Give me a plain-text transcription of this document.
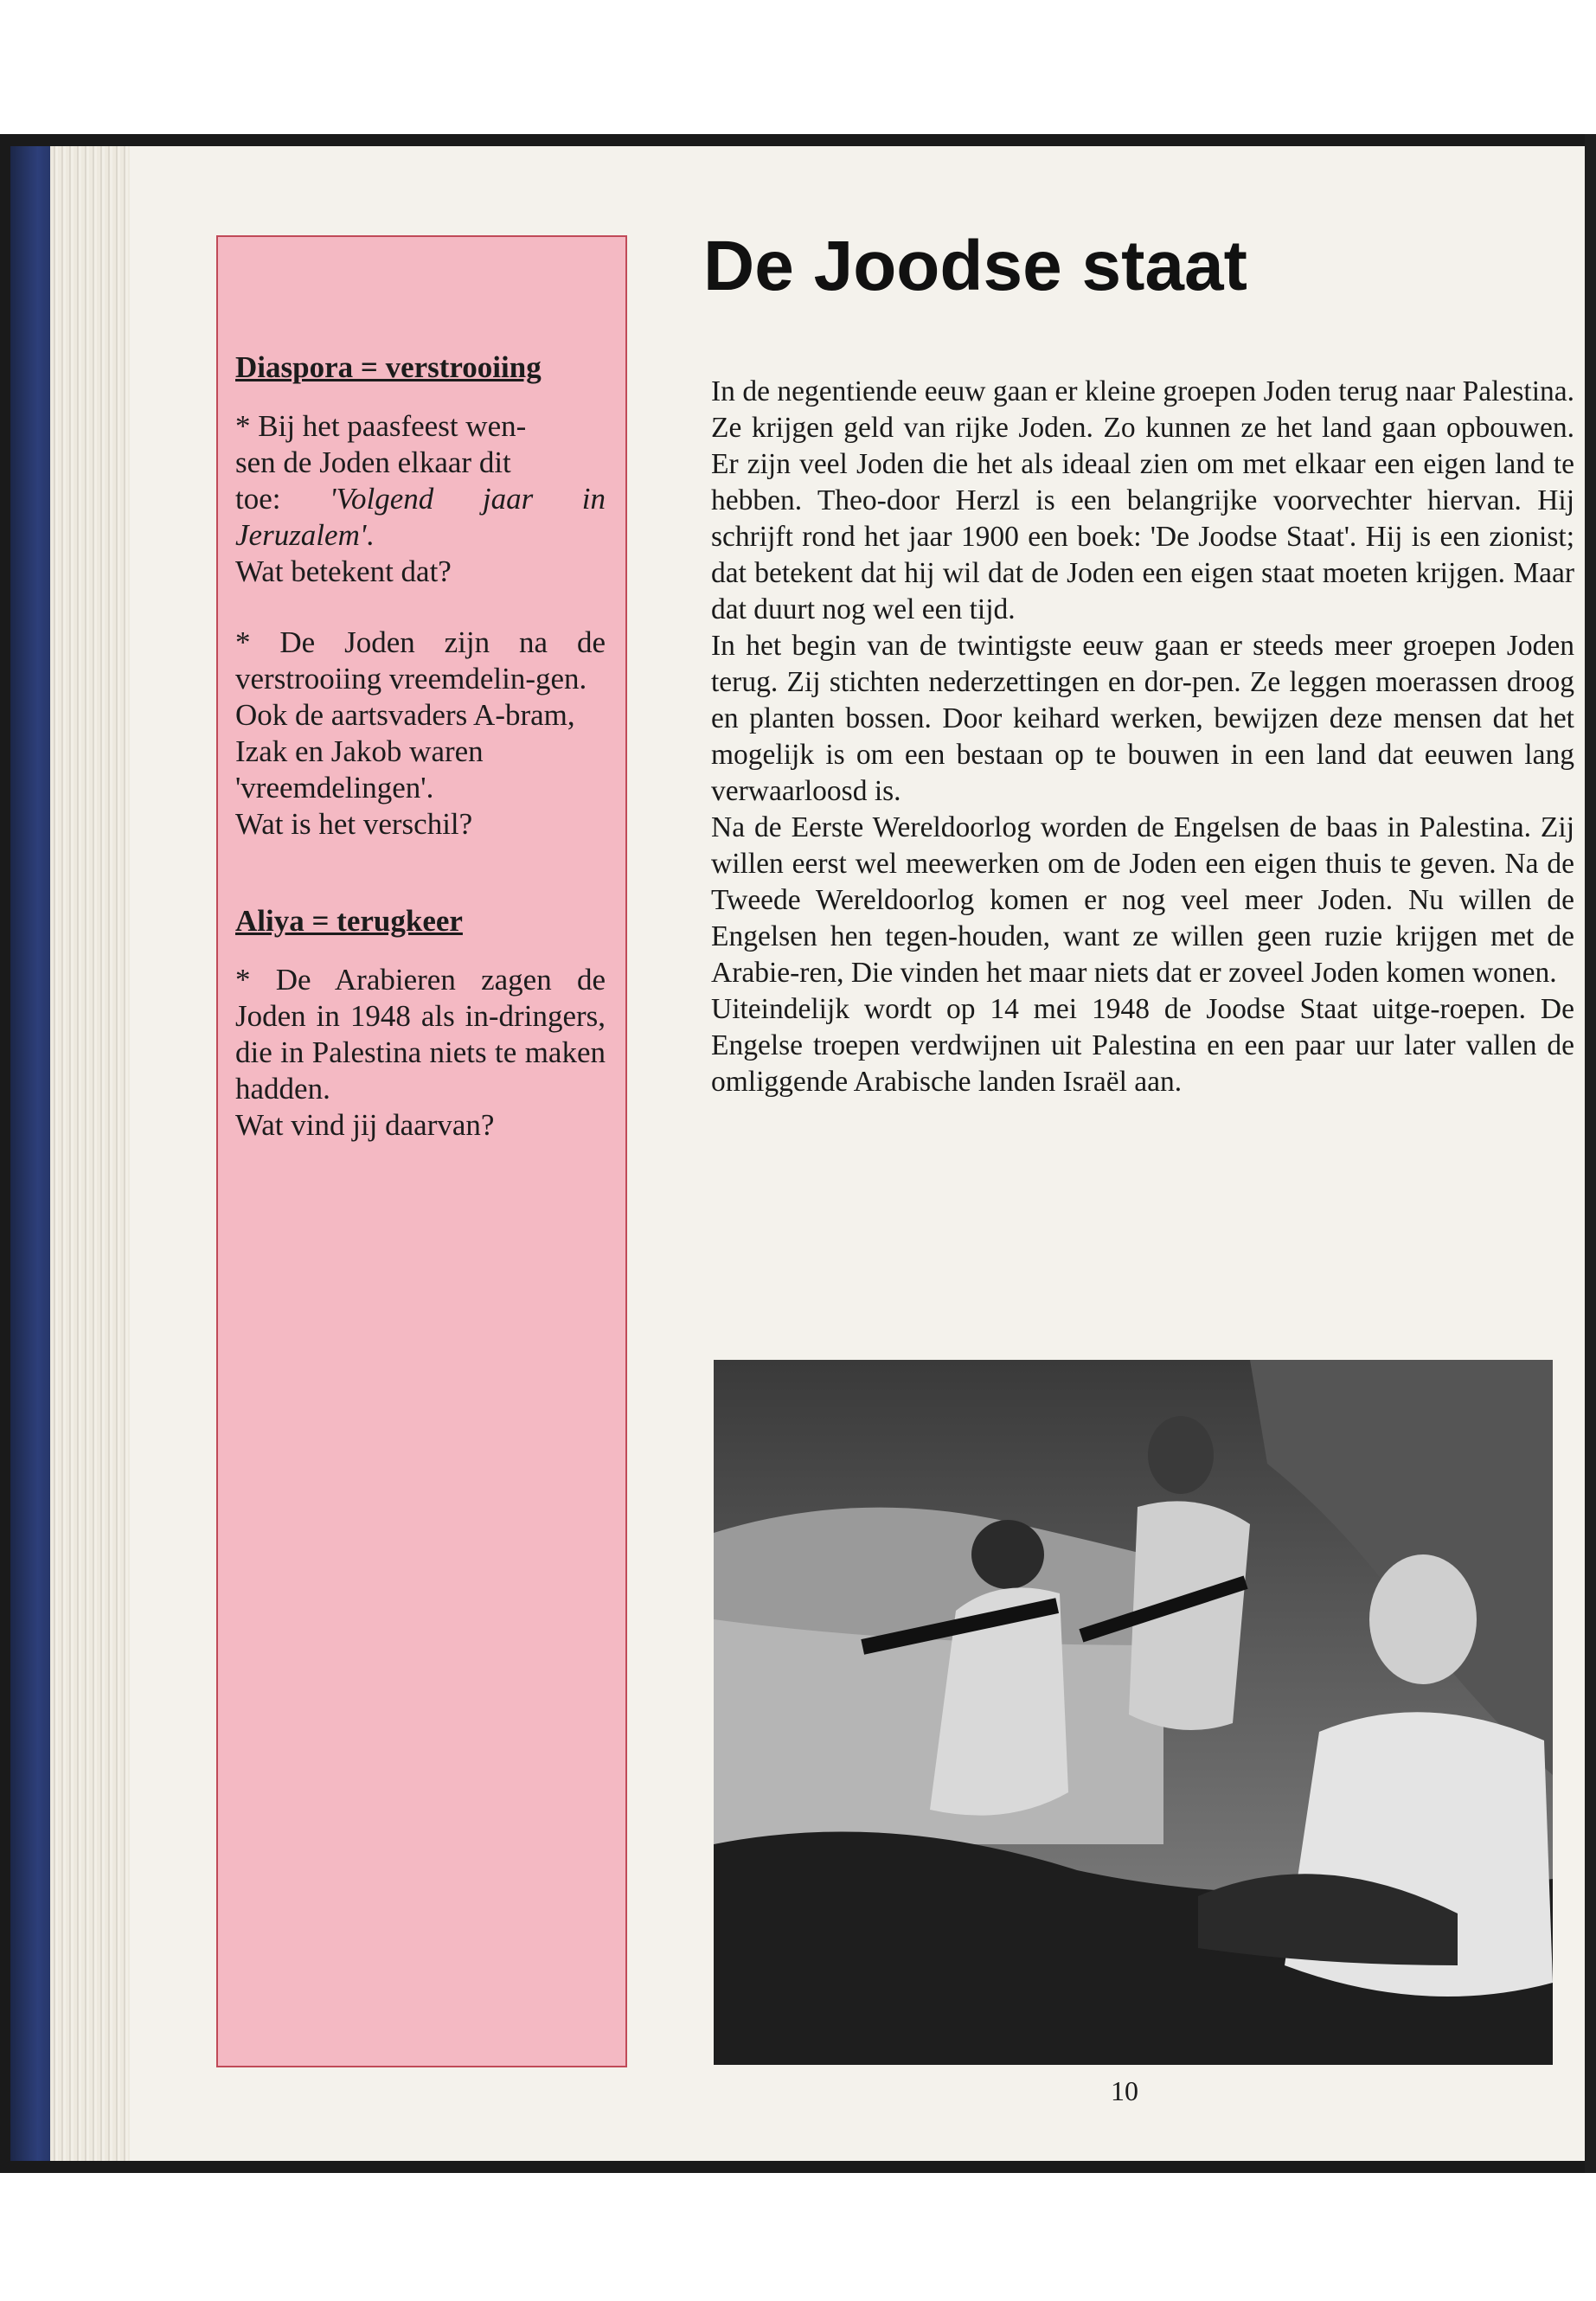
Diaspora = verstrooiing

* Bij het paasfeest wen-
sen de Joden elkaar dit
toe: 'Volgend jaar in Jeruzalem'.
Wat betekent dat?

* De Joden zijn na de verstrooiing vreemdelin-gen.
Ook de aartsvaders A-bram, Izak en Jakob waren 'vreemdelingen'.
Wat is het verschil?

Aliya = terugkeer

* De Arabieren zagen de Joden in 1948 als in-dringers, die in Palestina niets te maken hadden.
Wat vind jij daarvan?

De Joodse staat

In de negentiende eeuw gaan er kleine groepen Joden terug naar Palestina. Ze krijgen geld van rijke Joden. Zo kunnen ze het land gaan opbouwen. Er zijn veel Joden die het als ideaal zien om met elkaar een eigen land te hebben. Theo-door Herzl is een belangrijke voorvechter hiervan. Hij schrijft rond het jaar 1900 een boek: 'De Joodse Staat'. Hij is een zionist; dat betekent dat hij wil dat de Joden een eigen staat moeten krijgen. Maar dat duurt nog wel een tijd.

In het begin van de twintigste eeuw gaan er steeds meer groepen Joden terug. Zij stichten nederzettingen en dor-pen. Ze leggen moerassen droog en planten bossen. Door keihard werken, bewijzen deze mensen dat het mogelijk is om een bestaan op te bouwen in een land dat eeuwen lang verwaarloosd is.

Na de Eerste Wereldoorlog worden de Engelsen de baas in Palestina. Zij willen eerst wel meewerken om de Joden een eigen thuis te geven. Na de Tweede Wereldoorlog komen er nog veel meer Joden. Nu willen de Engelsen hen tegen-houden, want ze willen geen ruzie krijgen met de Arabie-ren, Die vinden het maar niets dat er zoveel Joden komen wonen.

Uiteindelijk wordt op 14 mei 1948 de Joodse Staat uitge-roepen. De Engelse troepen verdwijnen uit Palestina en een paar uur later vallen de omliggende Arabische landen Israël aan.

10
